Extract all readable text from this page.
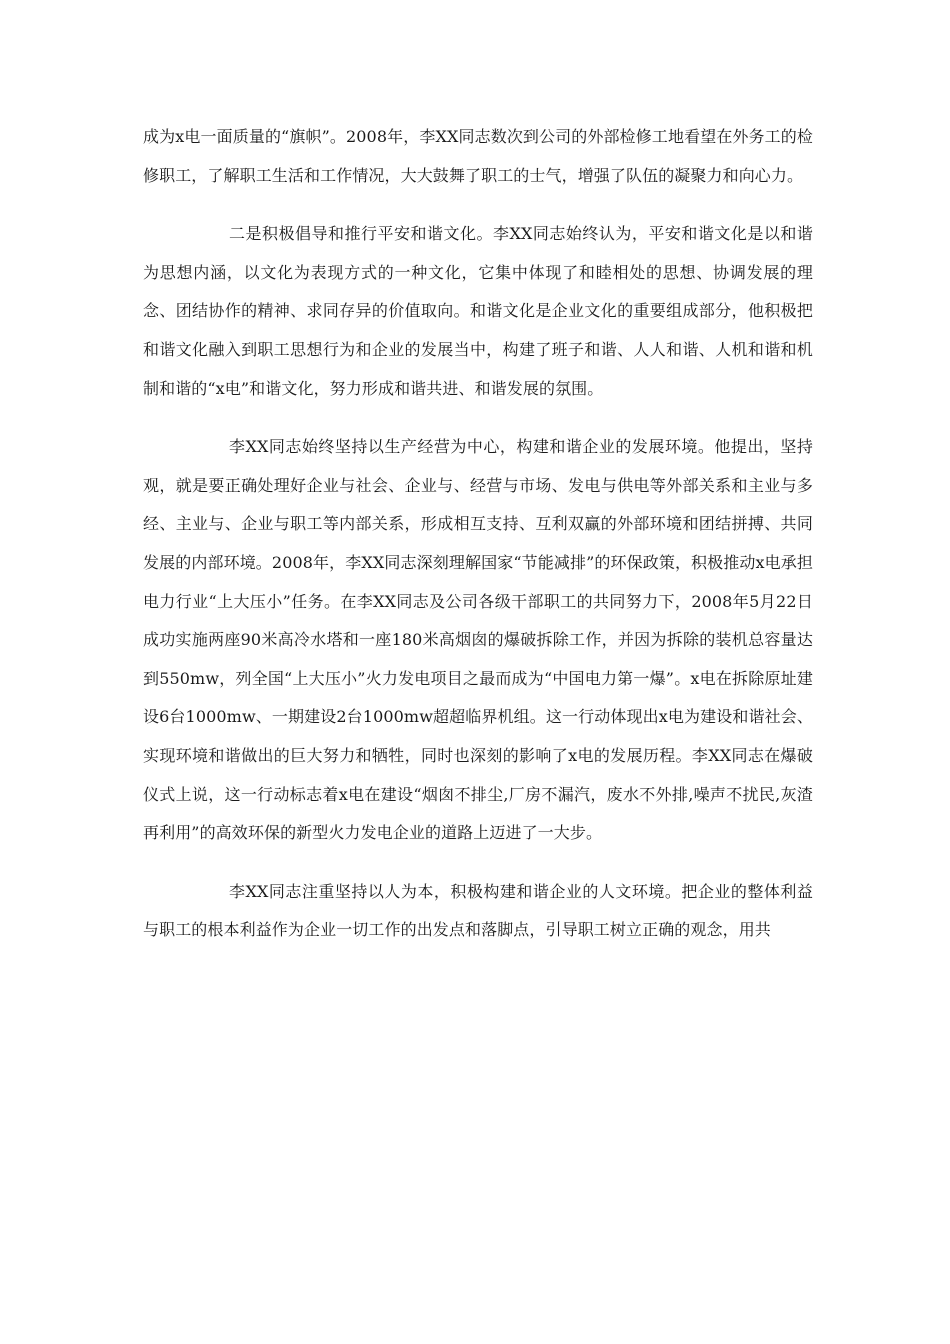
成为x电一面质量的“旗帜”。2008年，李XX同志数次到公司的外部检修工地看望在外务工的检修职工，了解职工生活和工作情况，大大鼓舞了职工的士气，增强了队伍的凝聚力和向心力。

二是积极倡导和推行平安和谐文化。李XX同志始终认为，平安和谐文化是以和谐为思想内涵，以文化为表现方式的一种文化，它集中体现了和睦相处的思想、协调发展的理念、团结协作的精神、求同存异的价值取向。和谐文化是企业文化的重要组成部分，他积极把和谐文化融入到职工思想行为和企业的发展当中，构建了班子和谐、人人和谐、人机和谐和机制和谐的“x电”和谐文化，努力形成和谐共进、和谐发展的氛围。

李XX同志始终坚持以生产经营为中心，构建和谐企业的发展环境。他提出，坚持观，就是要正确处理好企业与社会、企业与、经营与市场、发电与供电等外部关系和主业与多经、主业与、企业与职工等内部关系，形成相互支持、互利双赢的外部环境和团结拼搏、共同发展的内部环境。2008年，李XX同志深刻理解国家“节能减排”的环保政策，积极推动x电承担电力行业“上大压小”任务。在李XX同志及公司各级干部职工的共同努力下，2008年5月22日成功实施两座90米高冷水塔和一座180米高烟囱的爆破拆除工作，并因为拆除的装机总容量达到550mw，列全国“上大压小”火力发电项目之最而成为“中国电力第一爆”。x电在拆除原址建设6台1000mw、一期建设2台1000mw超超临界机组。这一行动体现出x电为建设和谐社会、实现环境和谐做出的巨大努力和牺牲，同时也深刻的影响了x电的发展历程。李XX同志在爆破仪式上说，这一行动标志着x电在建设“烟囱不排尘,厂房不漏汽，废水不外排,噪声不扰民,灰渣再利用”的高效环保的新型火力发电企业的道路上迈进了一大步。

李XX同志注重坚持以人为本，积极构建和谐企业的人文环境。把企业的整体利益与职工的根本利益作为企业一切工作的出发点和落脚点，引导职工树立正确的观念，用共
